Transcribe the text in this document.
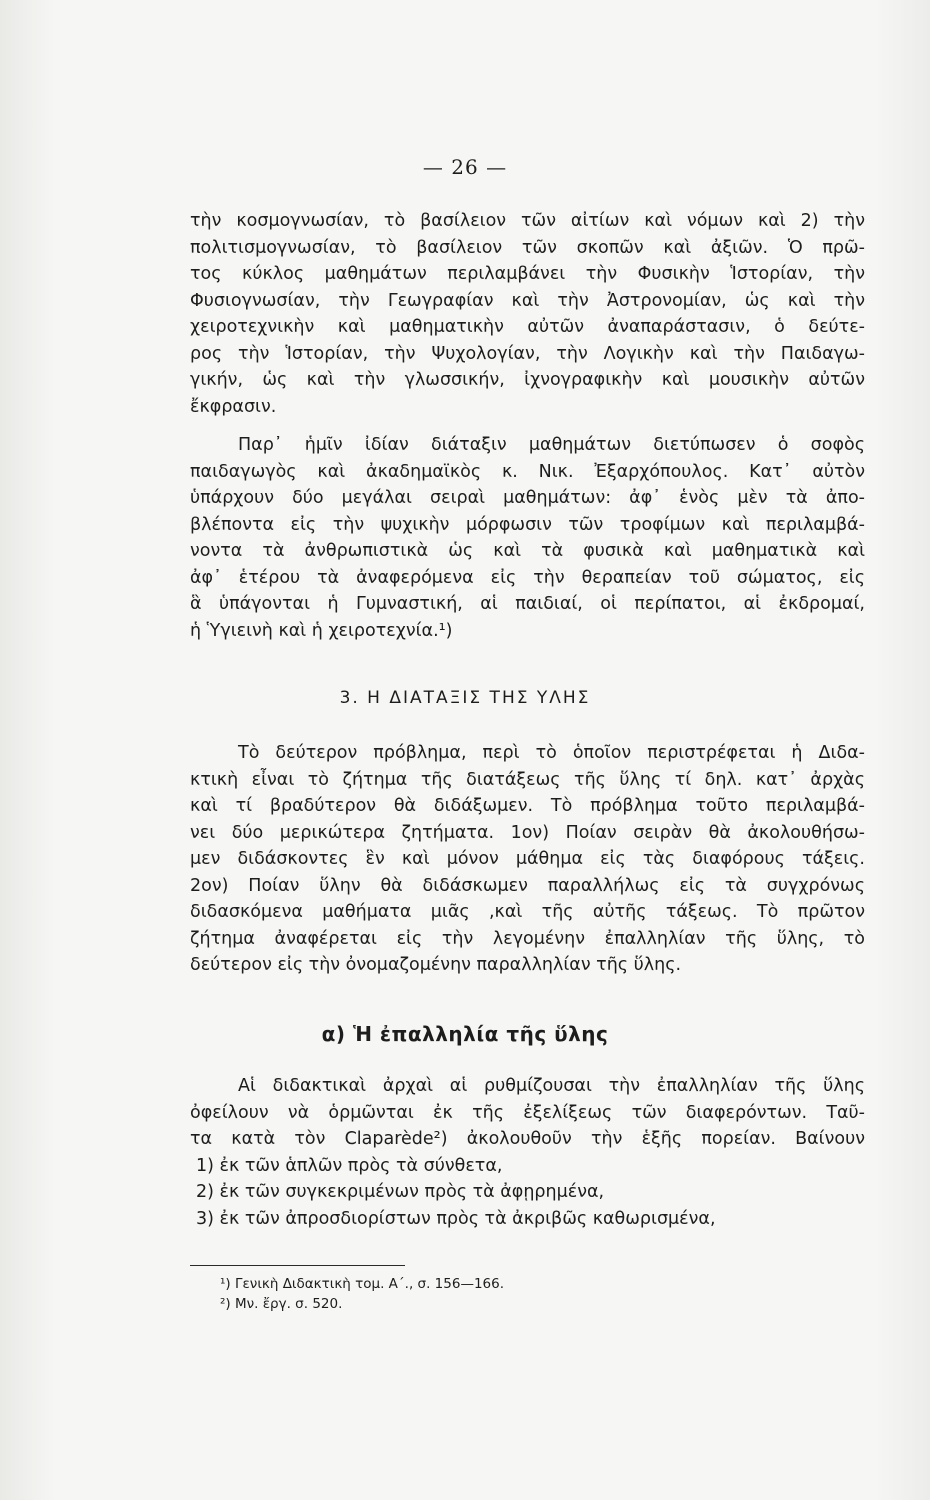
— 26 —
τὴν κοσμογνωσίαν, τὸ βασίλειον τῶν αἰτίων καὶ νόμων καὶ 2) τὴν
πολιτισμογνωσίαν, τὸ βασίλειον τῶν σκοπῶν καὶ ἀξιῶν. Ὁ πρῶ-
τος κύκλος μαθημάτων περιλαμβάνει τὴν Φυσικὴν Ἱστορίαν, τὴν
Φυσιογνωσίαν, τὴν Γεωγραφίαν καὶ τὴν Ἀστρονομίαν, ὡς καὶ τὴν
χειροτεχνικὴν καὶ μαθηματικὴν αὐτῶν ἀναπαράστασιν, ὁ δεύτε-
ρος τὴν Ἱστορίαν, τὴν Ψυχολογίαν, τὴν Λογικὴν καὶ τὴν Παιδαγω-
γικήν, ὡς καὶ τὴν γλωσσικήν, ἰχνογραφικὴν καὶ μουσικὴν αὐτῶν
ἔκφρασιν.
Παρ᾽ ἡμῖν ἰδίαν διάταξιν μαθημάτων διετύπωσεν ὁ σοφὸς
παιδαγωγὸς καὶ ἀκαδημαϊκὸς κ. Νικ. Ἐξαρχόπουλος. Κατ᾽ αὐτὸν
ὑπάρχουν δύο μεγάλαι σειραὶ μαθημάτων: ἀφ᾽ ἑνὸς μὲν τὰ ἀπο-
βλέποντα εἰς τὴν ψυχικὴν μόρφωσιν τῶν τροφίμων καὶ περιλαμβά-
νοντα τὰ ἀνθρωπιστικὰ ὡς καὶ τὰ φυσικὰ καὶ μαθηματικὰ καὶ
ἀφ᾽ ἑτέρου τὰ ἀναφερόμενα εἰς τὴν θεραπείαν τοῦ σώματος, εἰς
ἃ ὑπάγονται ἡ Γυμναστική, αἱ παιδιαί, οἱ περίπατοι, αἱ ἐκδρομαί,
ἡ Ὑγιεινὴ καὶ ἡ χειροτεχνία.¹)
3. Η ΔΙΑΤΑΞΙΣ ΤΗΣ ΥΛΗΣ
Τὸ δεύτερον πρόβλημα, περὶ τὸ ὁποῖον περιστρέφεται ἡ Διδα-
κτικὴ εἶναι τὸ ζήτημα τῆς διατάξεως τῆς ὕλης τί δηλ. κατ᾽ ἀρχὰς
καὶ τί βραδύτερον θὰ διδάξωμεν. Τὸ πρόβλημα τοῦτο περιλαμβά-
νει δύο μερικώτερα ζητήματα. 1ον) Ποίαν σειρὰν θὰ ἀκολουθήσω-
μεν διδάσκοντες ἓν καὶ μόνον μάθημα εἰς τὰς διαφόρους τάξεις.
2ον) Ποίαν ὕλην θὰ διδάσκωμεν παραλλήλως εἰς τὰ συγχρόνως
διδασκόμενα μαθήματα μιᾶς ,καὶ τῆς αὐτῆς τάξεως. Τὸ πρῶτον
ζήτημα ἀναφέρεται εἰς τὴν λεγομένην ἐπαλληλίαν τῆς ὕλης, τὸ
δεύτερον εἰς τὴν ὀνομαζομένην παραλληλίαν τῆς ὕλης.
α) Ἡ ἐπαλληλία τῆς ὕλης
Αἱ διδακτικαὶ ἀρχαὶ αἱ ρυθμίζουσαι τὴν ἐπαλληλίαν τῆς ὕλης
ὀφείλουν νὰ ὁρμῶνται ἐκ τῆς ἐξελίξεως τῶν διαφερόντων. Ταῦ-
τα κατὰ τὸν Claparède²) ἀκολουθοῦν τὴν ἑξῆς πορείαν. Βαίνουν
1) ἐκ τῶν ἁπλῶν πρὸς τὰ σύνθετα,
2) ἐκ τῶν συγκεκριμένων πρὸς τὰ ἀφῃρημένα,
3) ἐκ τῶν ἀπροσδιορίστων πρὸς τὰ ἀκριβῶς καθωρισμένα,
¹) Γενικὴ Διδακτικὴ τομ. Α΄., σ. 156—166.
²) Μν. ἔργ. σ. 520.
